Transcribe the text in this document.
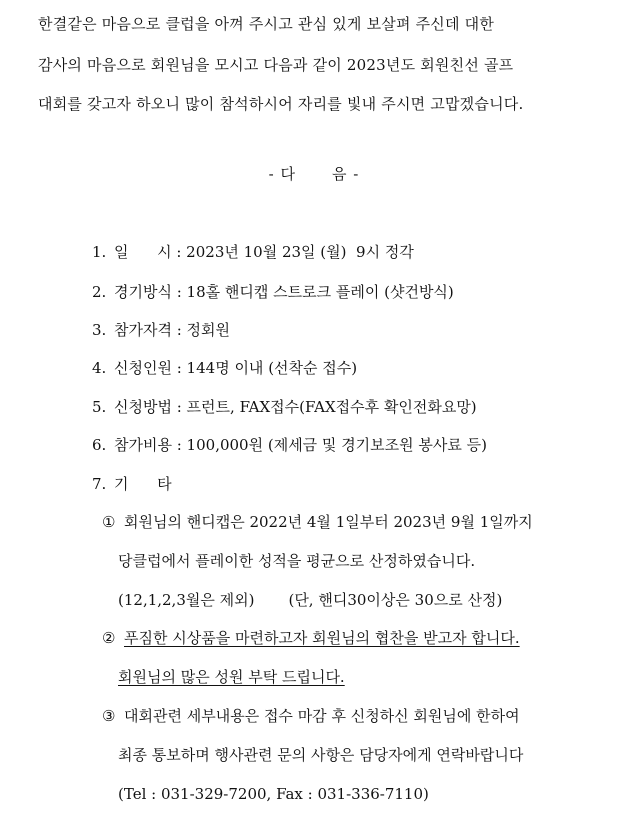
한결같은 마음으로 클럽을 아껴 주시고 관심 있게 보살펴 주신데 대한
감사의 마음으로 회원님을 모시고 다음과 같이 2023년도 회원친선 골프
대회를 갖고자 하오니 많이 참석하시어 자리를 빛내 주시면 고맙겠습니다.
- 다 음 -
1. 일      시 : 2023년 10월 23일 (월)  9시 정각
2. 경기방식 : 18홀 핸디캡 스트로크 플레이 (샷건방식)
3. 참가자격 : 정회원
4. 신청인원 : 144명 이내 (선착순 접수)
5. 신청방법 : 프런트, FAX접수(FAX접수후 확인전화요망)
6. 참가비용 : 100,000원 (제세금 및 경기보조원 봉사료 등)
7. 기      타
① 회원님의 핸디캡은 2022년 4월 1일부터 2023년 9월 1일까지
당클럽에서 플레이한 성적을 평균으로 산정하였습니다.
(12,1,2,3월은 제외) (단, 핸디30이상은 30으로 산정)
② 푸짐한 시상품을 마련하고자 회원님의 협찬을 받고자 합니다.
회원님의 많은 성원 부탁 드립니다.
③ 대회관련 세부내용은 접수 마감 후 신청하신 회원님에 한하여
최종 통보하며 행사관련 문의 사항은 담당자에게 연락바랍니다
(Tel : 031-329-7200, Fax : 031-336-7110)
